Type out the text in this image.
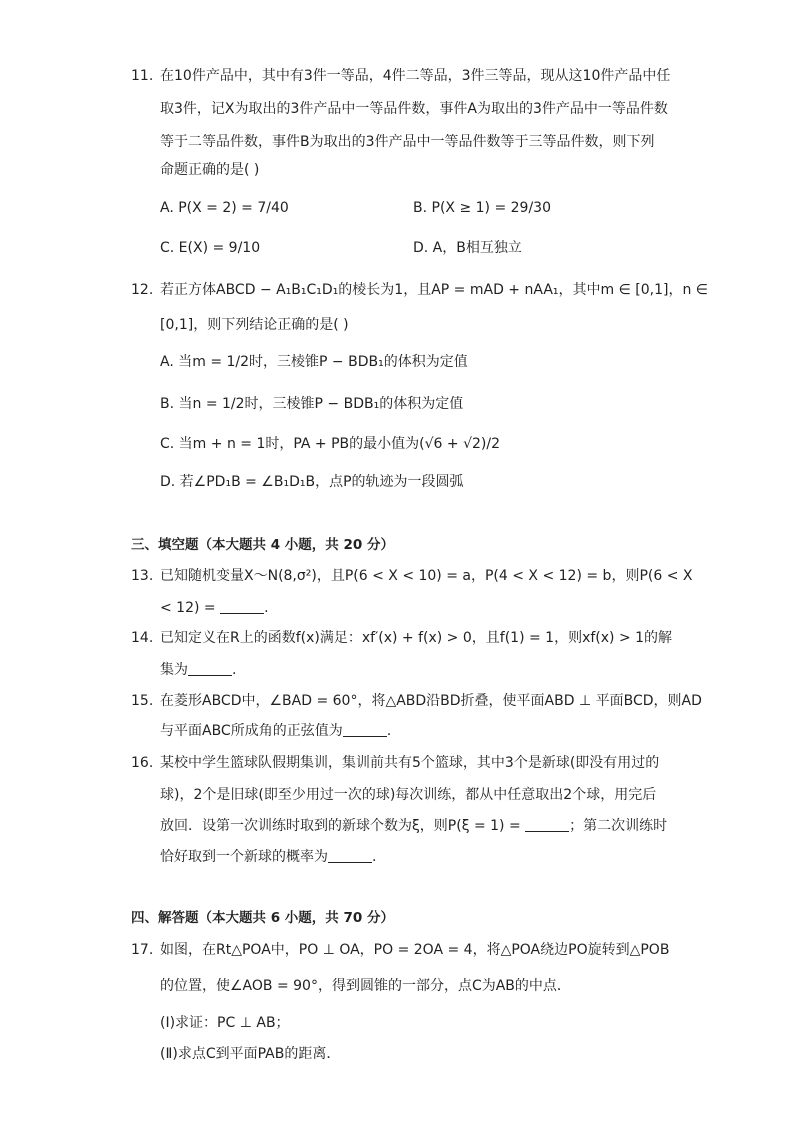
11. 在10件产品中，其中有3件一等品，4件二等品，3件三等品，现从这10件产品中任
取3件，记X为取出的3件产品中一等品件数，事件A为取出的3件产品中一等品件数
等于二等品件数，事件B为取出的3件产品中一等品件数等于三等品件数，则下列
命题正确的是( )
A. P(X = 2) = 7/40	B. P(X ≥ 1) = 29/30
C. E(X) = 9/10	D. A，B相互独立
12. 若正方体ABCD − A₁B₁C₁D₁的棱长为1，且AP = mAD + nAA₁，其中m ∈ [0,1]，n ∈
[0,1]，则下列结论正确的是( )
A. 当m = 1/2时，三棱锥P − BDB₁的体积为定值
B. 当n = 1/2时，三棱锥P − BDB₁的体积为定值
C. 当m + n = 1时，PA + PB的最小值为(√6 + √2)/2
D. 若∠PD₁B = ∠B₁D₁B，点P的轨迹为一段圆弧
三、填空题（本大题共 4 小题，共 20 分）
13. 已知随机变量X～N(8,σ²)，且P(6 < X < 10) = a，P(4 < X < 12) = b，则P(6 < X
< 12) =	.
14. 已知定义在R上的函数f(x)满足：xf′(x) + f(x) > 0，且f(1) = 1，则xf(x) > 1的解
集为	.
15. 在菱形ABCD中，∠BAD = 60°，将△ABD沿BD折叠，使平面ABD ⊥ 平面BCD，则AD
与平面ABC所成角的正弦值为	.
16. 某校中学生篮球队假期集训，集训前共有5个篮球，其中3个是新球(即没有用过的
球)，2个是旧球(即至少用过一次的球)每次训练，都从中任意取出2个球，用完后
放回．设第一次训练时取到的新球个数为ξ，则P(ξ = 1) =	；第二次训练时
恰好取到一个新球的概率为	.
四、解答题（本大题共 6 小题，共 70 分）
17. 如图，在Rt△POA中，PO ⊥ OA，PO = 2OA = 4，将△POA绕边PO旋转到△POB
的位置，使∠AOB = 90°，得到圆锥的一部分，点C为AB的中点．
(Ⅰ)求证：PC ⊥ AB；
(Ⅱ)求点C到平面PAB的距离．
